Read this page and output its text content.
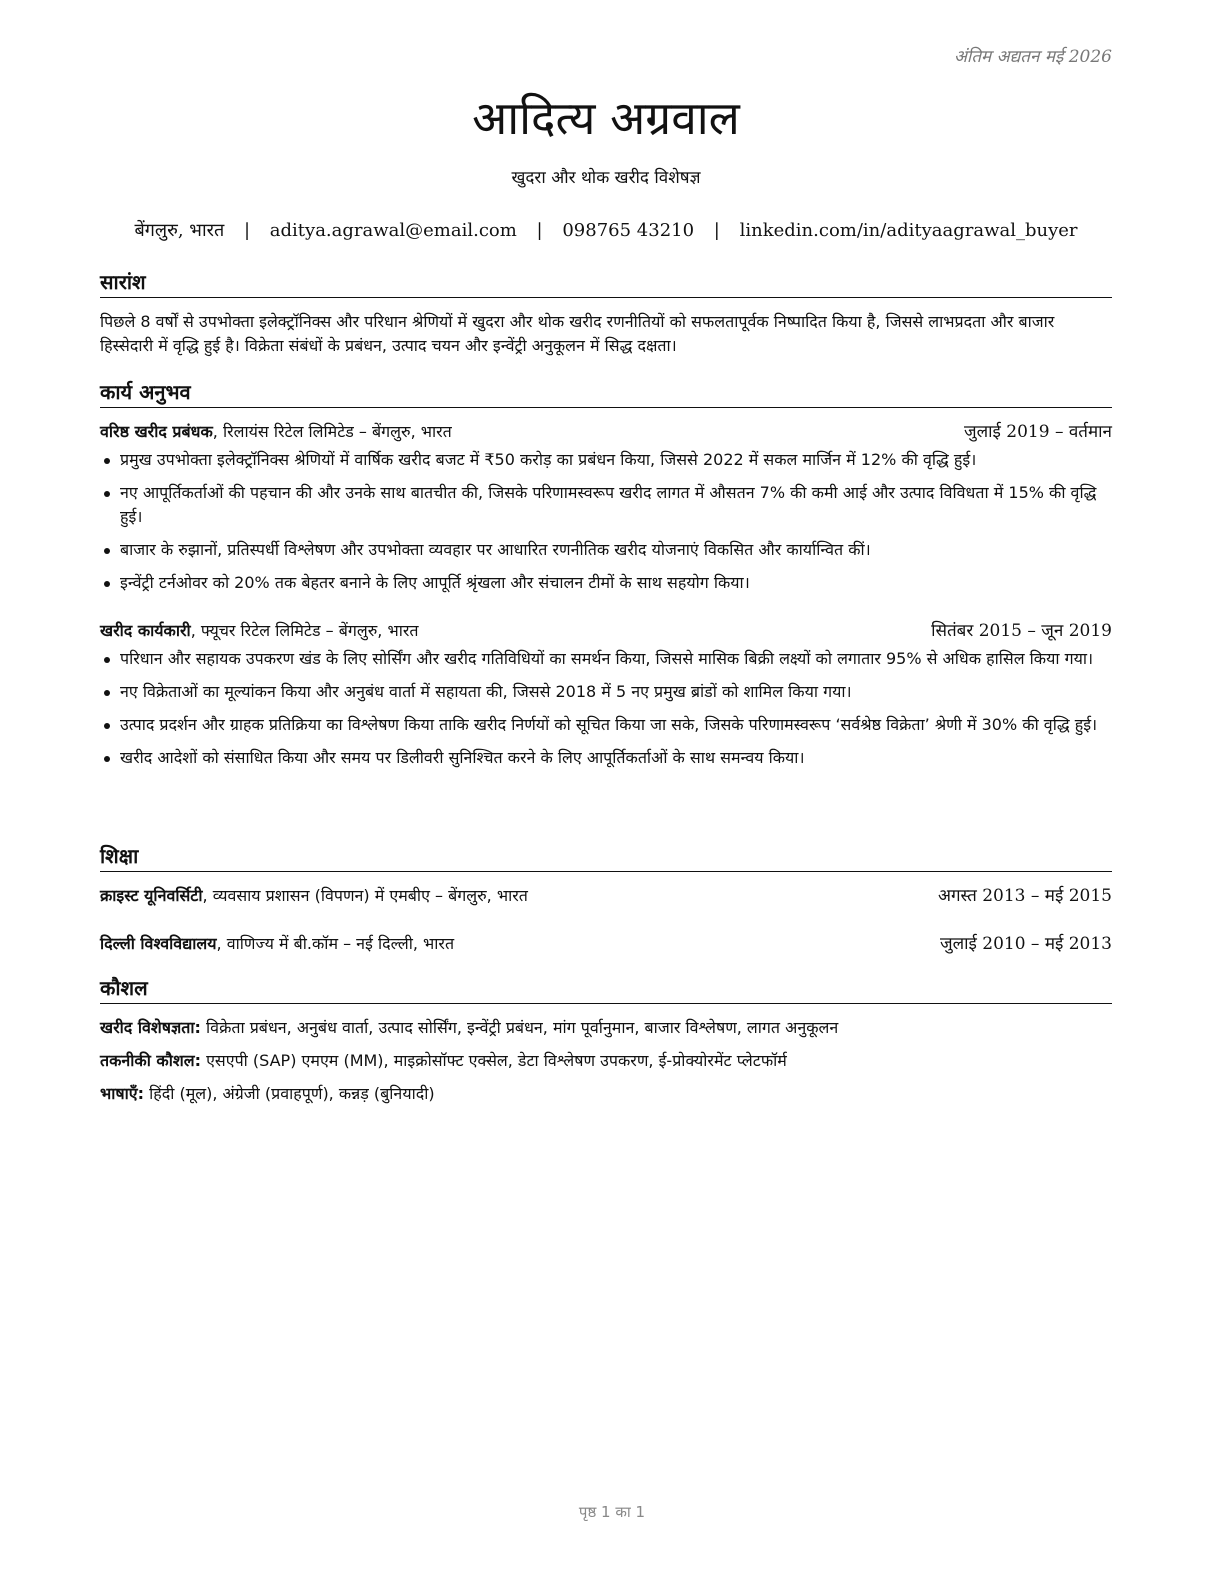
अंतिम अद्यतन मई 2026
आदित्य अग्रवाल
खुदरा और थोक खरीद विशेषज्ञ
बेंगलुरु, भारत | aditya.agrawal@email.com | 098765 43210 | linkedin.com/in/adityaagrawal_buyer
सारांश
पिछले 8 वर्षों से उपभोक्ता इलेक्ट्रॉनिक्स और परिधान श्रेणियों में खुदरा और थोक खरीद रणनीतियों को सफलतापूर्वक निष्पादित किया है, जिससे लाभप्रदता और बाजार हिस्सेदारी में वृद्धि हुई है। विक्रेता संबंधों के प्रबंधन, उत्पाद चयन और इन्वेंट्री अनुकूलन में सिद्ध दक्षता।
कार्य अनुभव
वरिष्ठ खरीद प्रबंधक, रिलायंस रिटेल लिमिटेड – बेंगलुरु, भारत	जुलाई 2019 – वर्तमान
प्रमुख उपभोक्ता इलेक्ट्रॉनिक्स श्रेणियों में वार्षिक खरीद बजट में ₹50 करोड़ का प्रबंधन किया, जिससे 2022 में सकल मार्जिन में 12% की वृद्धि हुई।
नए आपूर्तिकर्ताओं की पहचान की और उनके साथ बातचीत की, जिसके परिणामस्वरूप खरीद लागत में औसतन 7% की कमी आई और उत्पाद विविधता में 15% की वृद्धि हुई।
बाजार के रुझानों, प्रतिस्पर्धी विश्लेषण और उपभोक्ता व्यवहार पर आधारित रणनीतिक खरीद योजनाएं विकसित और कार्यान्वित कीं।
इन्वेंट्री टर्नओवर को 20% तक बेहतर बनाने के लिए आपूर्ति श्रृंखला और संचालन टीमों के साथ सहयोग किया।
खरीद कार्यकारी, फ्यूचर रिटेल लिमिटेड – बेंगलुरु, भारत	सितंबर 2015 – जून 2019
परिधान और सहायक उपकरण खंड के लिए सोर्सिंग और खरीद गतिविधियों का समर्थन किया, जिससे मासिक बिक्री लक्ष्यों को लगातार 95% से अधिक हासिल किया गया।
नए विक्रेताओं का मूल्यांकन किया और अनुबंध वार्ता में सहायता की, जिससे 2018 में 5 नए प्रमुख ब्रांडों को शामिल किया गया।
उत्पाद प्रदर्शन और ग्राहक प्रतिक्रिया का विश्लेषण किया ताकि खरीद निर्णयों को सूचित किया जा सके, जिसके परिणामस्वरूप ‘सर्वश्रेष्ठ विक्रेता’ श्रेणी में 30% की वृद्धि हुई।
खरीद आदेशों को संसाधित किया और समय पर डिलीवरी सुनिश्चित करने के लिए आपूर्तिकर्ताओं के साथ समन्वय किया।
शिक्षा
क्राइस्ट यूनिवर्सिटी, व्यवसाय प्रशासन (विपणन) में एमबीए – बेंगलुरु, भारत	अगस्त 2013 – मई 2015
दिल्ली विश्वविद्यालय, वाणिज्य में बी.कॉम – नई दिल्ली, भारत	जुलाई 2010 – मई 2013
कौशल
खरीद विशेषज्ञता: विक्रेता प्रबंधन, अनुबंध वार्ता, उत्पाद सोर्सिंग, इन्वेंट्री प्रबंधन, मांग पूर्वानुमान, बाजार विश्लेषण, लागत अनुकूलन
तकनीकी कौशल: एसएपी (SAP) एमएम (MM), माइक्रोसॉफ्ट एक्सेल, डेटा विश्लेषण उपकरण, ई-प्रोक्योरमेंट प्लेटफॉर्म
भाषाएँ: हिंदी (मूल), अंग्रेजी (प्रवाहपूर्ण), कन्नड़ (बुनियादी)
पृष्ठ 1 का 1
